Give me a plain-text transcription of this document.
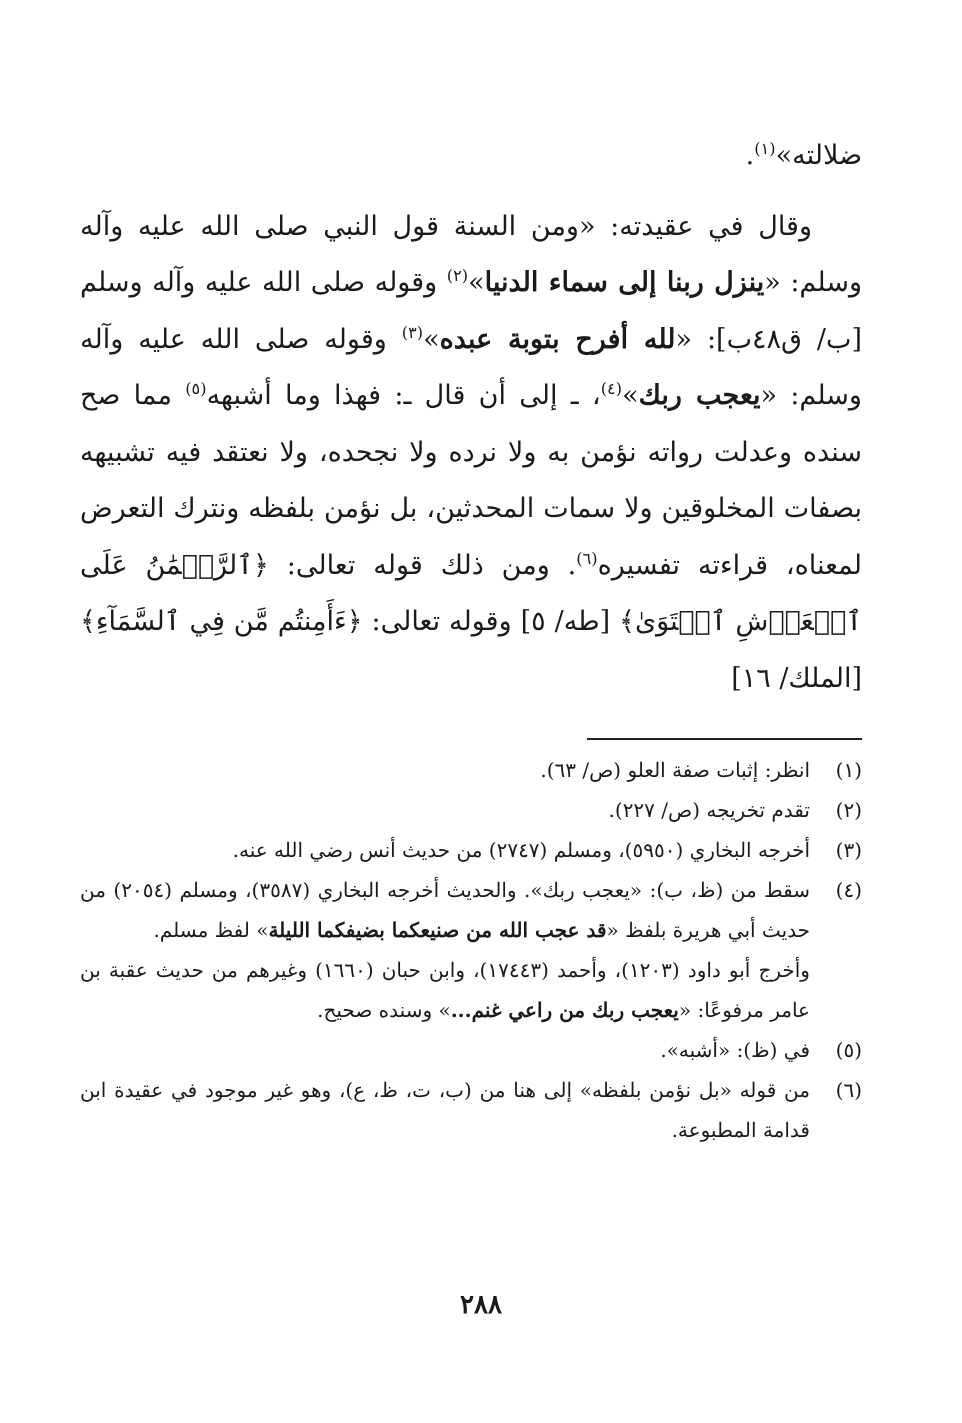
ضلالته»$^{(١)}$.

وقال في عقيدته: «ومن السنة قول النبي صلى الله عليه وآله وسلم: «ينزل ربنا إلى سماء الدنيا»$^{(٢)}$ وقوله صلى الله عليه وآله وسلم [ب/ ق٤٨ب]: «لله أفرح بتوبة عبده»$^{(٣)}$ وقوله صلى الله عليه وآله وسلم: «يعجب ربك»$^{(٤)}$، ـ إلى أن قال ـ: فهذا وما أشبهه$^{(٥)}$ مما صح سنده وعدلت رواته نؤمن به ولا نرده ولا نجحده، ولا نعتقد فيه تشبيهه بصفات المخلوقين ولا سمات المحدثين، بل نؤمن بلفظه ونترك التعرض لمعناه، قراءته تفسيره$^{(٦)}$. ومن ذلك قوله تعالى: ﴿ٱلرَّحۡمَٰنُ عَلَى ٱلۡعَرۡشِ ٱسۡتَوَىٰ﴾ [طه/ ٥] وقوله تعالى: ﴿ءَأَمِنتُم مَّن فِي ٱلسَّمَآءِ﴾ [الملك/ ١٦]

(١)
انظر: إثبات صفة العلو (ص/ ٦٣).
(٢)
تقدم تخريجه (ص/ ٢٢٧).
(٣)
أخرجه البخاري (٥٩٥٠)، ومسلم (٢٧٤٧) من حديث أنس رضي الله عنه.
(٤)
سقط من (ظ، ب): «يعجب ربك». والحديث أخرجه البخاري (٣٥٨٧)، ومسلم (٢٠٥٤) من حديث أبي هريرة بلفظ «قد عجب الله من صنيعكما بضيفكما الليلة» لفظ مسلم.
وأخرج أبو داود (١٢٠٣)، وأحمد (١٧٤٤٣)، وابن حبان (١٦٦٠) وغيرهم من حديث عقبة بن عامر مرفوعًا: «يعجب ربك من راعي غنم...» وسنده صحيح.
(٥)
في (ظ): «أشبه».
(٦)
من قوله «بل نؤمن بلفظه» إلى هنا من (ب، ت، ظ، ع)، وهو غير موجود في عقيدة ابن قدامة المطبوعة.
٢٨٨
